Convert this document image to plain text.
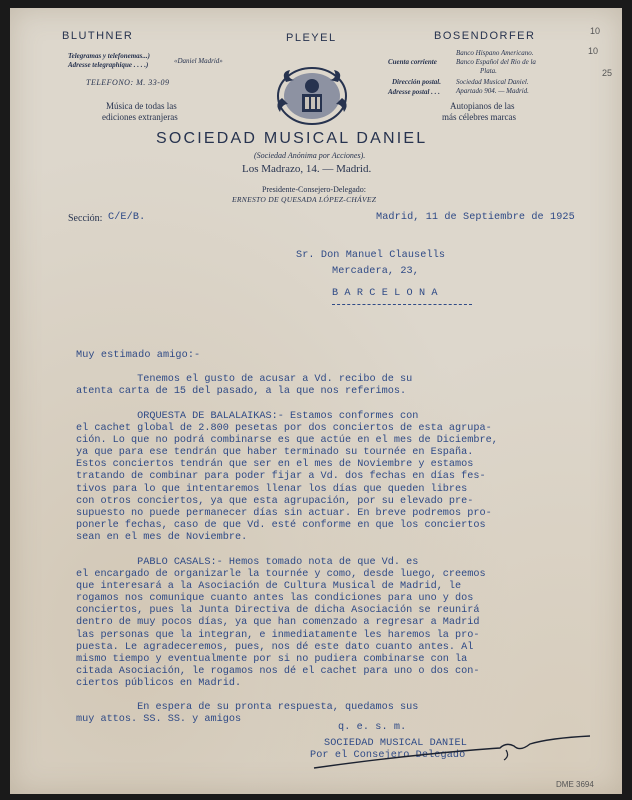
BLUTHNER	PLEYEL	BOSENDORFER
Telegramas y telefonemas...)
Adresse telegraphique . . . .)	«Daniel Madrid»
TELEFONO: M. 33-09
Música de todas las
ediciones extranjeras
Cuenta corriente
Banco Hispano Americano.
Banco Español del Rio de la
Plata.
Dirección postal.
Adresse postal . . .
Sociedad Musical Daniel.
Apartado 904. — Madrid.
Autopianos de las
más célebres marcas
SOCIEDAD MUSICAL DANIEL
(Sociedad Anónima por Acciones).
Los Madrazo, 14. — Madrid.
Presidente-Consejero-Delegado:
ERNESTO DE QUESADA LÓPEZ-CHÁVEZ
10
10
25
DME 3694
Sección: C/E/B.	Madrid, 11 de Septiembre de 1925
Sr. Don Manuel Clausells
Mercadera, 23,
B A R C E L O N A
Muy estimado amigo:-
Tenemos el gusto de acusar a Vd. recibo de su
atenta carta de 15 del pasado, a la que nos referimos.
ORQUESTA DE BALALAIKAS:- Estamos conformes con
el cachet global de 2.800 pesetas por dos conciertos de esta agrupa-
ción. Lo que no podrá combinarse es que actúe en el mes de Diciembre,
ya que para ese tendrán que haber terminado su tournée en España.
Estos conciertos tendrán que ser en el mes de Noviembre y estamos
tratando de combinar para poder fijar a Vd. dos fechas en días fes-
tivos para lo que intentaremos llenar los días que queden libres
con otros conciertos, ya que esta agrupación, por su elevado pre-
supuesto no puede permanecer días sin actuar. En breve podremos pro-
ponerle fechas, caso de que Vd. esté conforme en que los conciertos
sean en el mes de Noviembre.
PABLO CASALS:- Hemos tomado nota de que Vd. es
el encargado de organizarle la tournée y como, desde luego, creemos
que interesará a la Asociación de Cultura Musical de Madrid, le
rogamos nos comunique cuanto antes las condiciones para uno y dos
conciertos, pues la Junta Directiva de dicha Asociación se reunirá
dentro de muy pocos días, ya que han comenzado a regresar a Madrid
las personas que la integran, e inmediatamente les haremos la pro-
puesta. Le agradeceremos, pues, nos dé este dato cuanto antes. Al
mismo tiempo y eventualmente por si no pudiera combinarse con la
citada Asociación, le rogamos nos dé el cachet para uno o dos con-
ciertos públicos en Madrid.
En espera de su pronta respuesta, quedamos sus
muy attos. SS. SS. y amigos
q. e. s. m.
SOCIEDAD MUSICAL DANIEL
Por el Consejero Delegado
